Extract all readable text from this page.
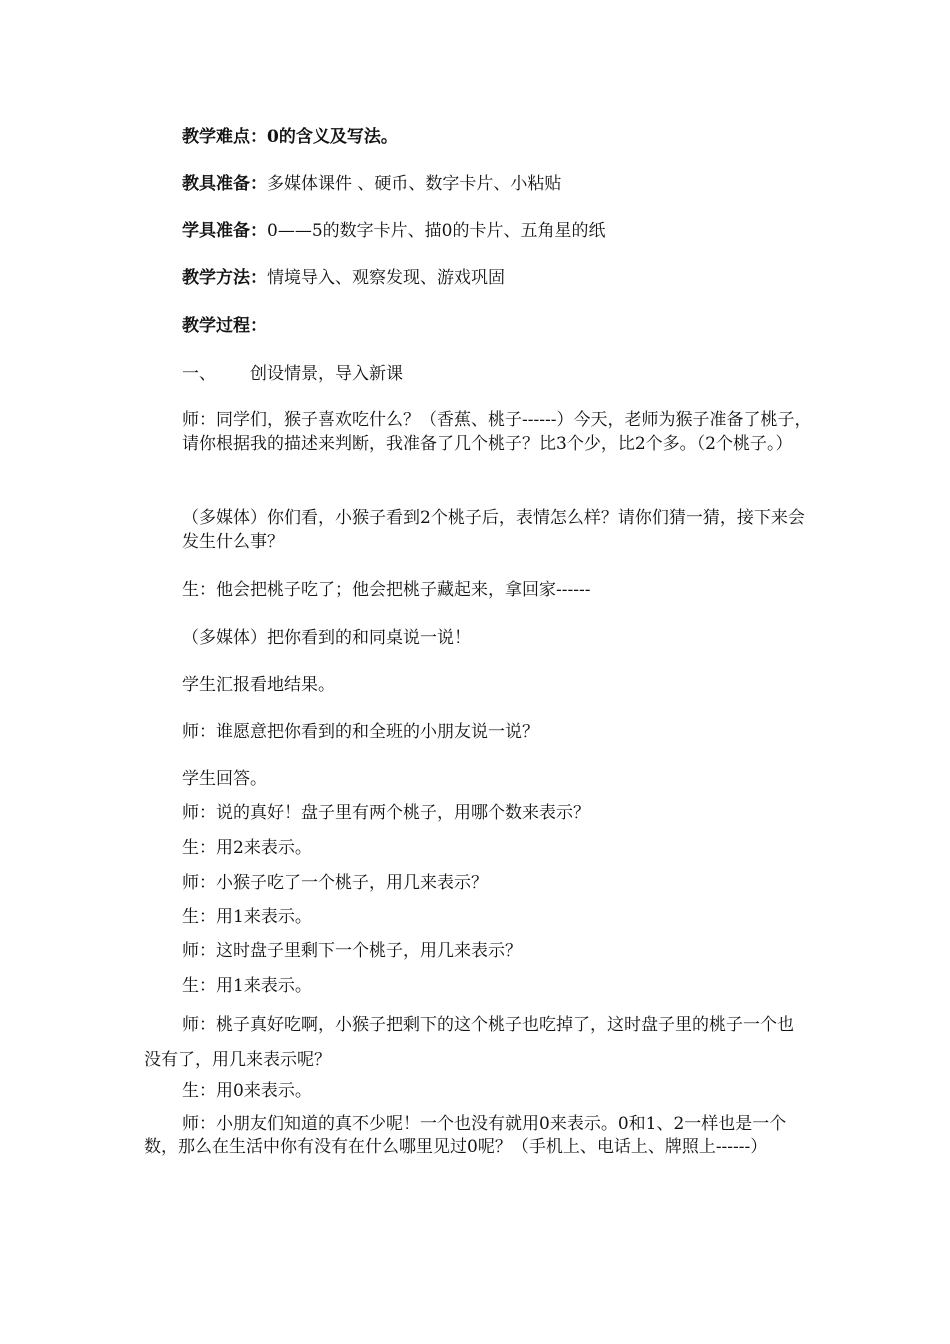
教学难点：0的含义及写法。
教具准备：多媒体课件 、硬币、数字卡片、小粘贴
学具准备：0——5的数字卡片、描0的卡片、五角星的纸
教学方法：情境导入、观察发现、游戏巩固
教学过程：
一、 创设情景，导入新课
师：同学们，猴子喜欢吃什么？（香蕉、桃子------）今天，老师为猴子准备了桃子，请你根据我的描述来判断，我准备了几个桃子？比3个少，比2个多。（2个桃子。）
（多媒体）你们看，小猴子看到2个桃子后，表情怎么样？请你们猜一猜，接下来会发生什么事？
生：他会把桃子吃了；他会把桃子藏起来，拿回家------
（多媒体）把你看到的和同桌说一说！
学生汇报看地结果。
师：谁愿意把你看到的和全班的小朋友说一说？
学生回答。
师：说的真好！盘子里有两个桃子，用哪个数来表示？
生：用2来表示。
师：小猴子吃了一个桃子，用几来表示？
生：用1来表示。
师：这时盘子里剩下一个桃子，用几来表示？
生：用1来表示。
师：桃子真好吃啊，小猴子把剩下的这个桃子也吃掉了，这时盘子里的桃子一个也没有了，用几来表示呢？
生：用0来表示。
师：小朋友们知道的真不少呢！一个也没有就用0来表示。0和1、2一样也是一个数，那么在生活中你有没有在什么哪里见过0呢？（手机上、电话上、牌照上------）
